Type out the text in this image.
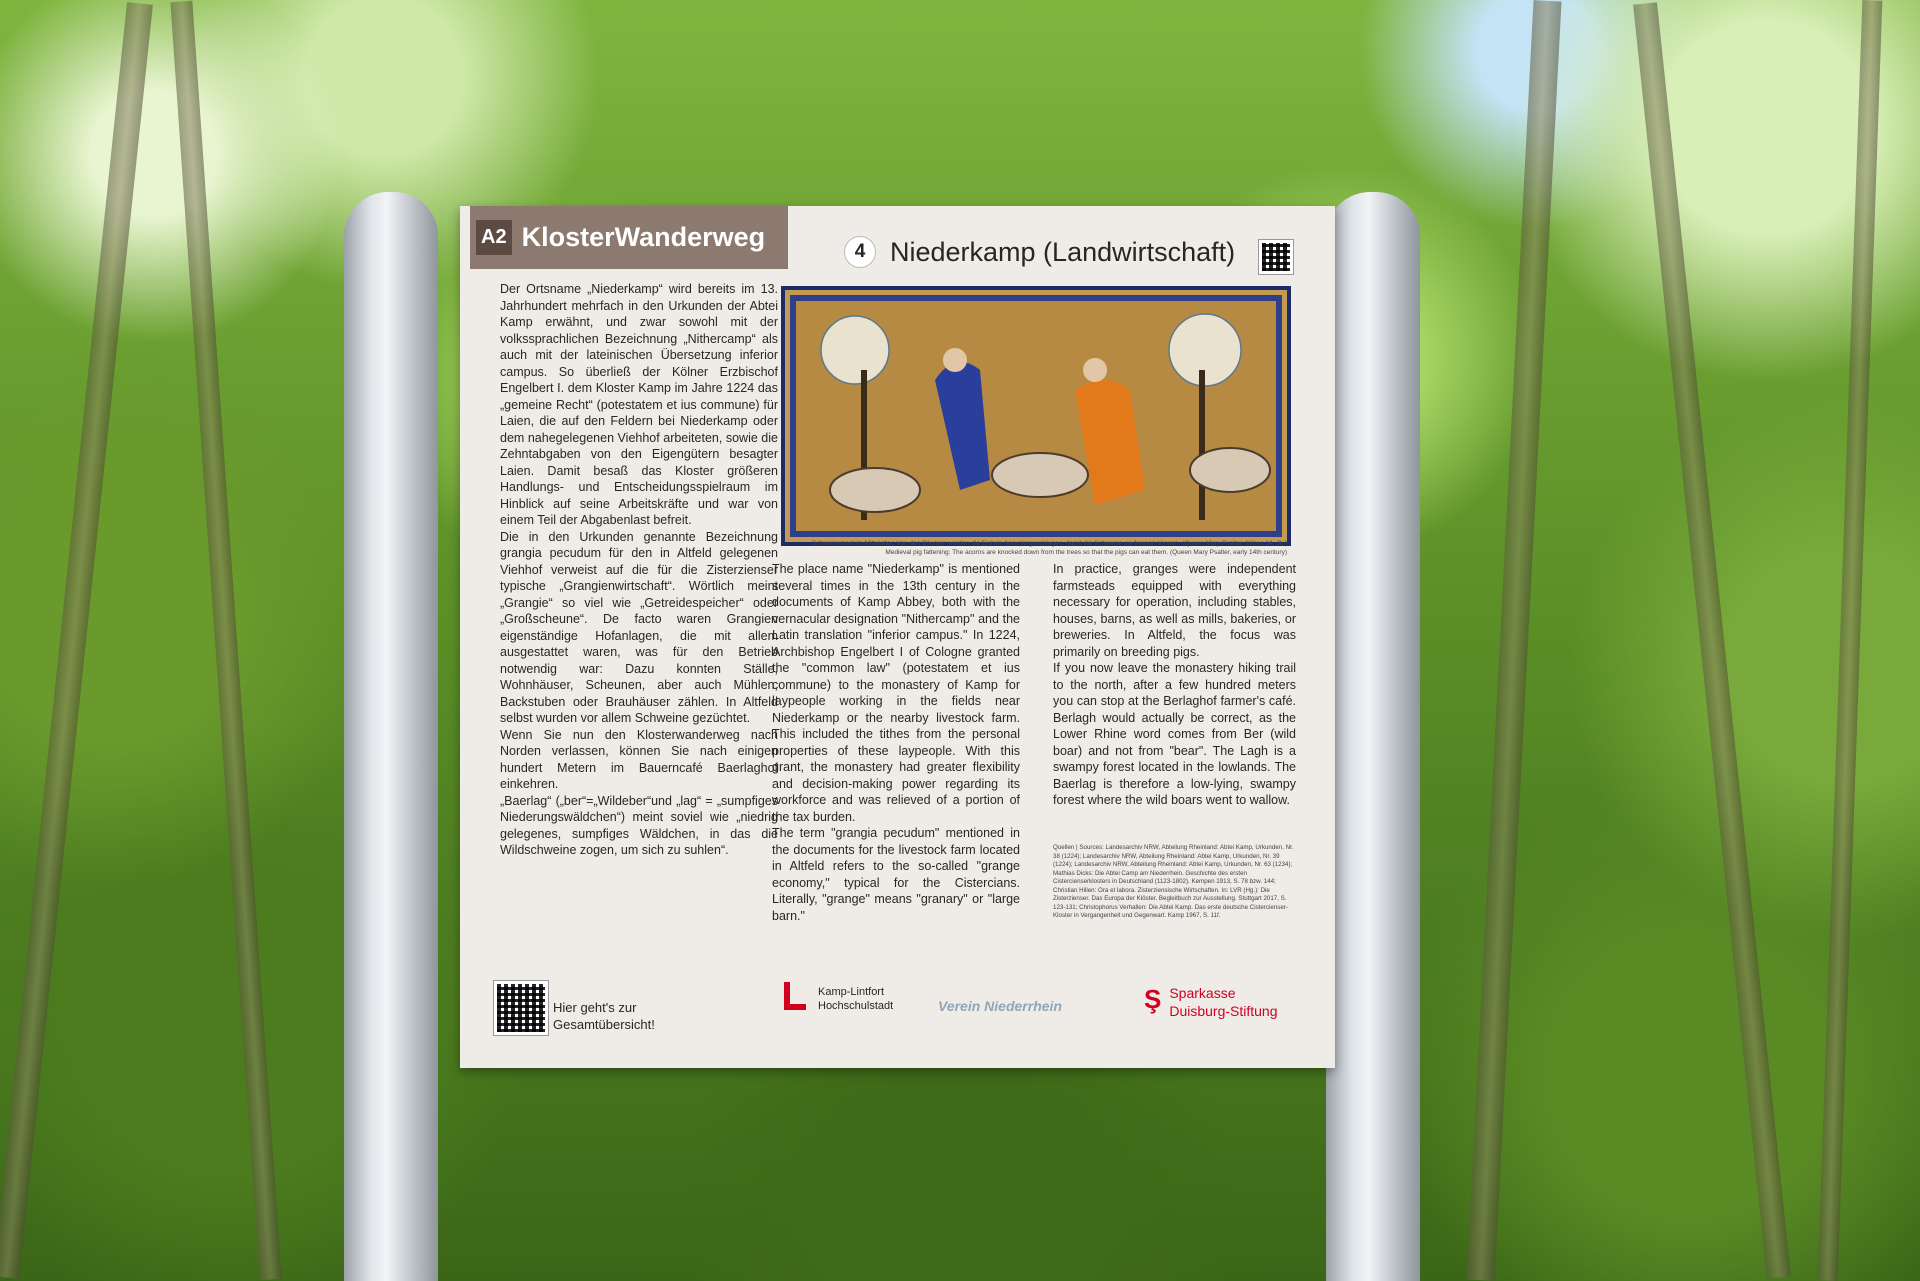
A2 KlosterWanderweg	4 Niederkamp (Landwirtschaft)

Der Ortsname „Niederkamp“ wird bereits im 13. Jahrhundert mehrfach in den Urkunden der Abtei Kamp erwähnt, und zwar sowohl mit der volkssprachlichen Bezeichnung „Nithercamp“ als auch mit der lateinischen Übersetzung inferior campus. So überließ der Kölner Erzbischof Engelbert I. dem Kloster Kamp im Jahre 1224 das „gemeine Recht“ (potestatem et ius commune) für Laien, die auf den Feldern bei Niederkamp oder dem nahegelegenen Viehhof arbeiteten, sowie die Zehntabgaben von den Eigengütern besagter Laien. Damit besaß das Kloster größeren Handlungs- und Entscheidungsspielraum im Hinblick auf seine Arbeitskräfte und war von einem Teil der Abgabenlast befreit.

Die in den Urkunden genannte Bezeichnung grangia pecudum für den in Altfeld gelegenen Viehhof verweist auf die für die Zisterzienser typische „Grangienwirtschaft“. Wörtlich meint „Grangie“ so viel wie „Getreidespeicher“ oder „Großscheune“. De facto waren Grangien eigenständige Hofanlagen, die mit allem ausgestattet waren, was für den Betrieb notwendig war: Dazu konnten Ställe, Wohnhäuser, Scheunen, aber auch Mühlen, Backstuben oder Brauhäuser zählen. In Altfeld selbst wurden vor allem Schweine gezüchtet.

Wenn Sie nun den Klosterwanderweg nach Norden verlassen, können Sie nach einigen hundert Metern im Bauerncafé Baerlaghof einkehren.

„Baerlag“ („ber“=„Wildeber“und „lag“ = „sumpfiges Niederungswäldchen“) meint soviel wie „niedrig gelegenes, sumpfiges Wäldchen, in das die Wildschweine zogen, um sich zu suhlen“.

Schweinemast im Mittelalter: Von den Bäumen werden die Eicheln heruntergeschlagen, damit die Schweine sie fressen können. (Queen Mary Psalter, frühes 14. Jh.)
Medieval pig fattening: The acorns are knocked down from the trees so that the pigs can eat them. (Queen Mary Psalter, early 14th century)

The place name "Niederkamp" is mentioned several times in the 13th century in the documents of Kamp Abbey, both with the vernacular designation "Nithercamp" and the Latin translation "inferior campus." In 1224, Archbishop Engelbert I of Cologne granted the "common law" (potestatem et ius commune) to the monastery of Kamp for laypeople working in the fields near Niederkamp or the nearby livestock farm. This included the tithes from the personal properties of these laypeople. With this grant, the monastery had greater flexibility and decision-making power regarding its workforce and was relieved of a portion of the tax burden.

The term "grangia pecudum" mentioned in the documents for the livestock farm located in Altfeld refers to the so-called "grange economy," typical for the Cistercians. Literally, "grange" means "granary" or "large barn."

In practice, granges were independent farmsteads equipped with everything necessary for operation, including stables, houses, barns, as well as mills, bakeries, or breweries. In Altfeld, the focus was primarily on breeding pigs.

If you now leave the monastery hiking trail to the north, after a few hundred meters you can stop at the Berlaghof farmer's café. Berlagh would actually be correct, as the Lower Rhine word comes from Ber (wild boar) and not from "bear". The Lagh is a swampy forest located in the lowlands. The Baerlag is therefore a low-lying, swampy forest where the wild boars went to wallow.

Quellen | Sources: Landesarchiv NRW, Abteilung Rheinland: Abtei Kamp, Urkunden, Nr. 38 (1224); Landesarchiv NRW, Abteilung Rheinland: Abtei Kamp, Urkunden, Nr. 39 (1224); Landesarchiv NRW, Abteilung Rheinland: Abtei Kamp, Urkunden, Nr. 63 (1234); Mathias Dicks: Die Abtei Camp am Niederrhein. Geschichte des ersten Cistercienserklosters in Deutschland (1123-1802). Kempen 1913, S. 78 bzw. 144; Christian Hillen: Ora et labora. Zisterziensische Wirtschaften. In: LVR (Hg.): Die Zisterzienser. Das Europa der Klöster. Begleitbuch zur Ausstellung. Stuttgart 2017, S. 123-131; Christophorus Verhallen: Die Abtei Kamp. Das erste deutsche Cistercienser-Kloster in Vergangenheit und Gegenwart. Kamp 1967, S. 11f.
Hier geht's zur
Gesamtübersicht!
Kamp-Lintfort
Hochschulstadt	Verein Niederrhein	Ş Sparkasse
Duisburg-Stiftung
